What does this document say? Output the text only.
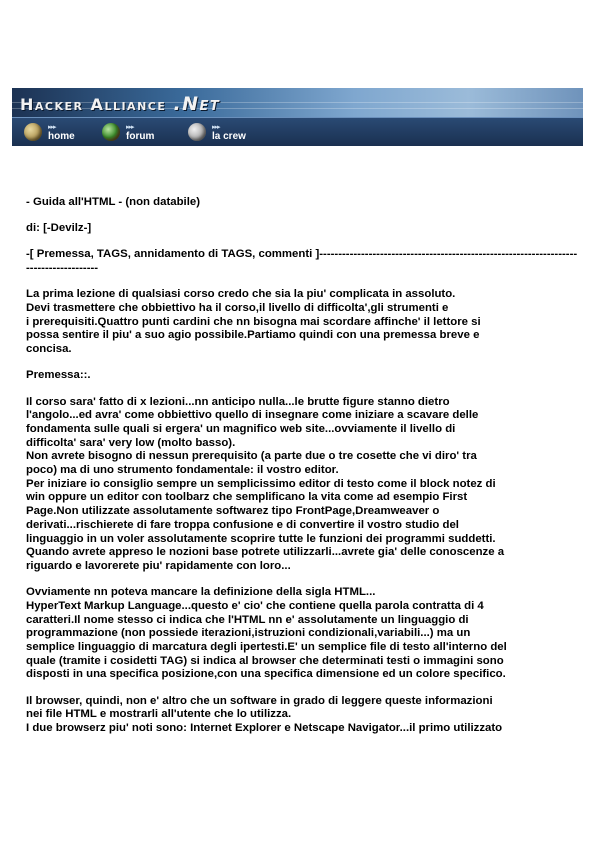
Hacker Alliance .Net
▸▸▸
home
▸▸▸
forum
▸▸▸
la crew

- Guida all'HTML - (non databile)

di: [-Devilz-]

-[ Premessa, TAGS, annidamento di TAGS, commenti ]---------------------------------------------------------------------------------------

La prima lezione di qualsiasi corso credo che sia la piu' complicata in assoluto.
Devi trasmettere che obbiettivo ha il corso,il livello di difficolta',gli strumenti e
i prerequisiti.Quattro punti cardini che nn bisogna mai scordare affinche' il lettore si
possa sentire il piu' a suo agio possibile.Partiamo quindi con una premessa breve e
concisa.

Premessa::.

Il corso sara' fatto di x lezioni...nn anticipo nulla...le brutte figure stanno dietro
l'angolo...ed avra' come obbiettivo quello di insegnare come iniziare a scavare delle
fondamenta sulle quali si ergera' un magnifico web site...ovviamente il livello di
difficolta' sara' very low (molto basso).
Non avrete bisogno di nessun prerequisito (a parte due o tre cosette che vi diro' tra
poco) ma di uno strumento fondamentale: il vostro editor.
Per iniziare io consiglio sempre un semplicissimo editor di testo come il block notez di
win oppure un editor con toolbarz che semplificano la vita come ad esempio First
Page.Non utilizzate assolutamente softwarez tipo FrontPage,Dreamweaver o
derivati...rischierete di fare troppa confusione e di convertire il vostro studio del
linguaggio in un voler assolutamente scoprire tutte le funzioni dei programmi suddetti.
Quando avrete appreso le nozioni base potrete utilizzarli...avrete gia' delle conoscenze a
riguardo e lavorerete piu' rapidamente con loro...

Ovviamente nn poteva mancare la definizione della sigla HTML...
HyperText Markup Language...questo e' cio' che contiene quella parola contratta di 4
caratteri.Il nome stesso ci indica che l'HTML nn e' assolutamente un linguaggio di
programmazione (non possiede iterazioni,istruzioni condizionali,variabili...) ma un
semplice linguaggio di marcatura degli ipertesti.E' un semplice file di testo all'interno del
quale (tramite i cosidetti TAG) si indica al browser che determinati testi o immagini sono
disposti in una specifica posizione,con una specifica dimensione ed un colore specifico.

Il browser, quindi, non e' altro che un software in grado di leggere queste informazioni
nei file HTML e mostrarli all'utente che lo utilizza.
I due browserz piu' noti sono: Internet Explorer e Netscape Navigator...il primo utilizzato
